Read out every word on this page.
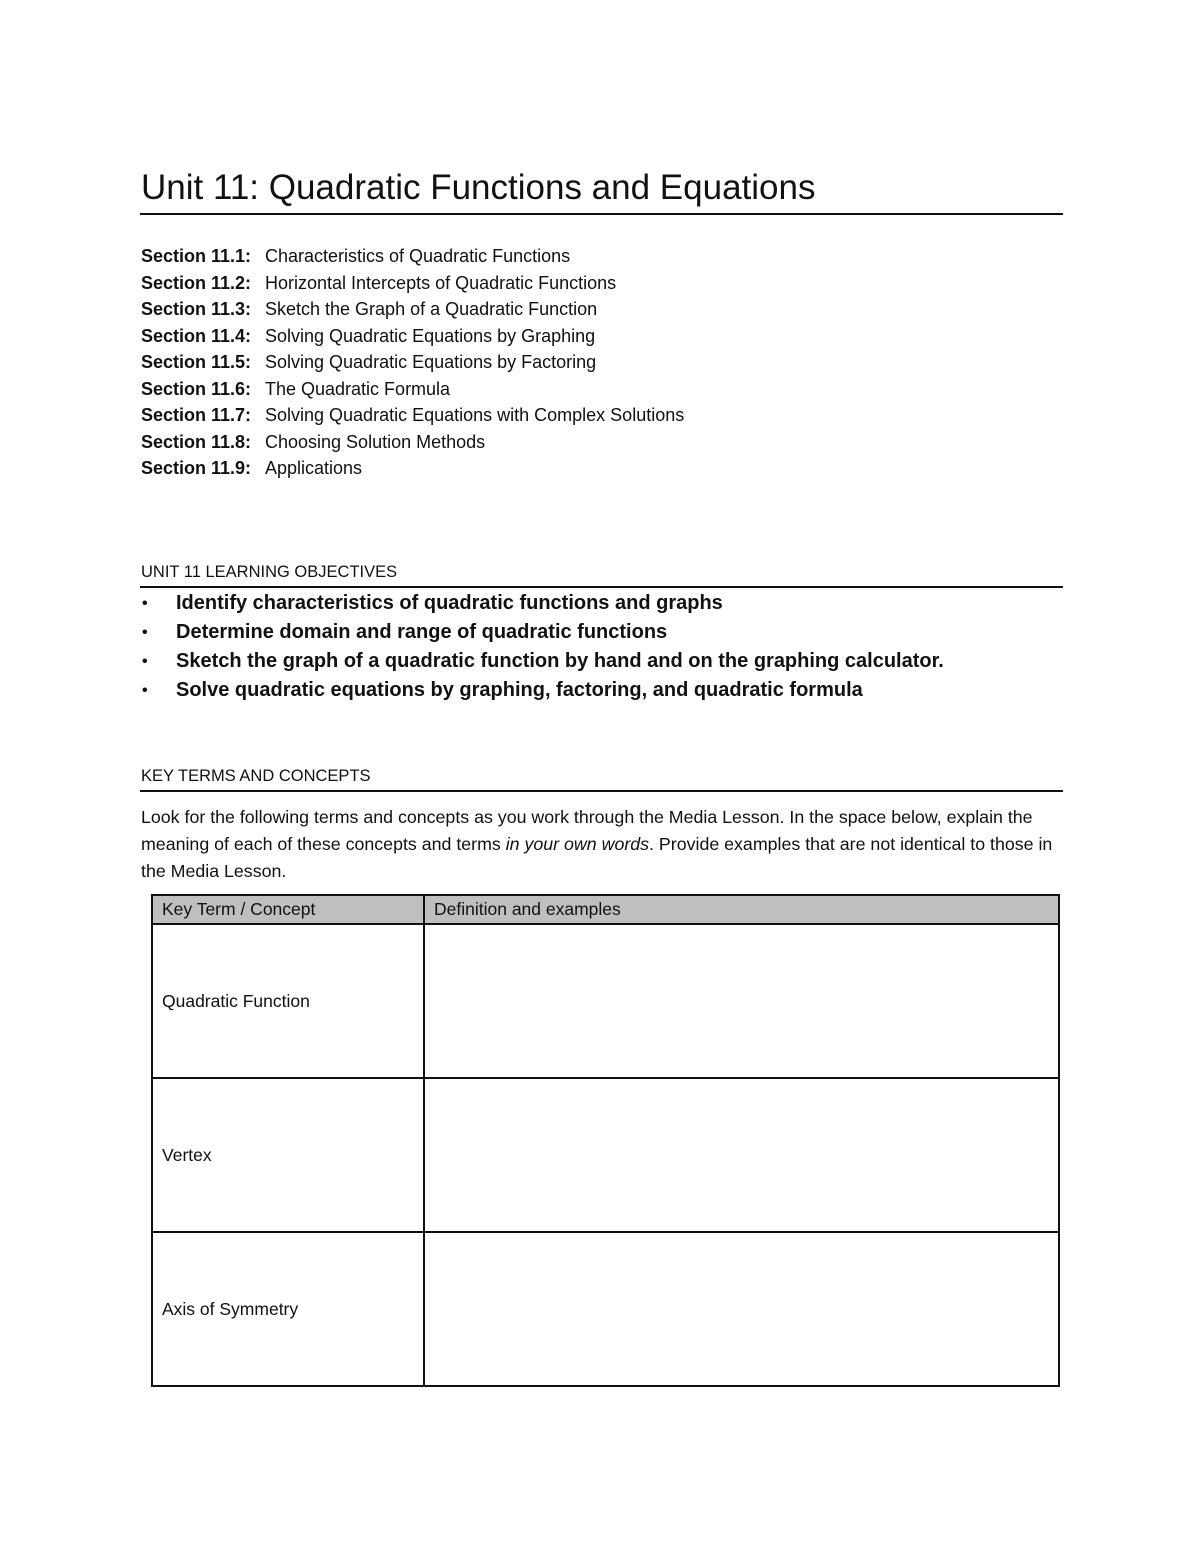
Unit 11: Quadratic Functions and Equations
Section 11.1: Characteristics of Quadratic Functions
Section 11.2: Horizontal Intercepts of Quadratic Functions
Section 11.3: Sketch the Graph of a Quadratic Function
Section 11.4: Solving Quadratic Equations by Graphing
Section 11.5: Solving Quadratic Equations by Factoring
Section 11.6: The Quadratic Formula
Section 11.7: Solving Quadratic Equations with Complex Solutions
Section 11.8: Choosing Solution Methods
Section 11.9: Applications
UNIT 11 LEARNING OBJECTIVES
• Identify characteristics of quadratic functions and graphs
• Determine domain and range of quadratic functions
• Sketch the graph of a quadratic function by hand and on the graphing calculator.
• Solve quadratic equations by graphing, factoring, and quadratic formula
KEY TERMS AND CONCEPTS

Look for the following terms and concepts as you work through the Media Lesson. In the space below, explain the meaning of each of these concepts and terms in your own words. Provide examples that are not identical to those in the Media Lesson.

Key Term / Concept	Definition and examples
Quadratic Function	
Vertex	
Axis of Symmetry	
